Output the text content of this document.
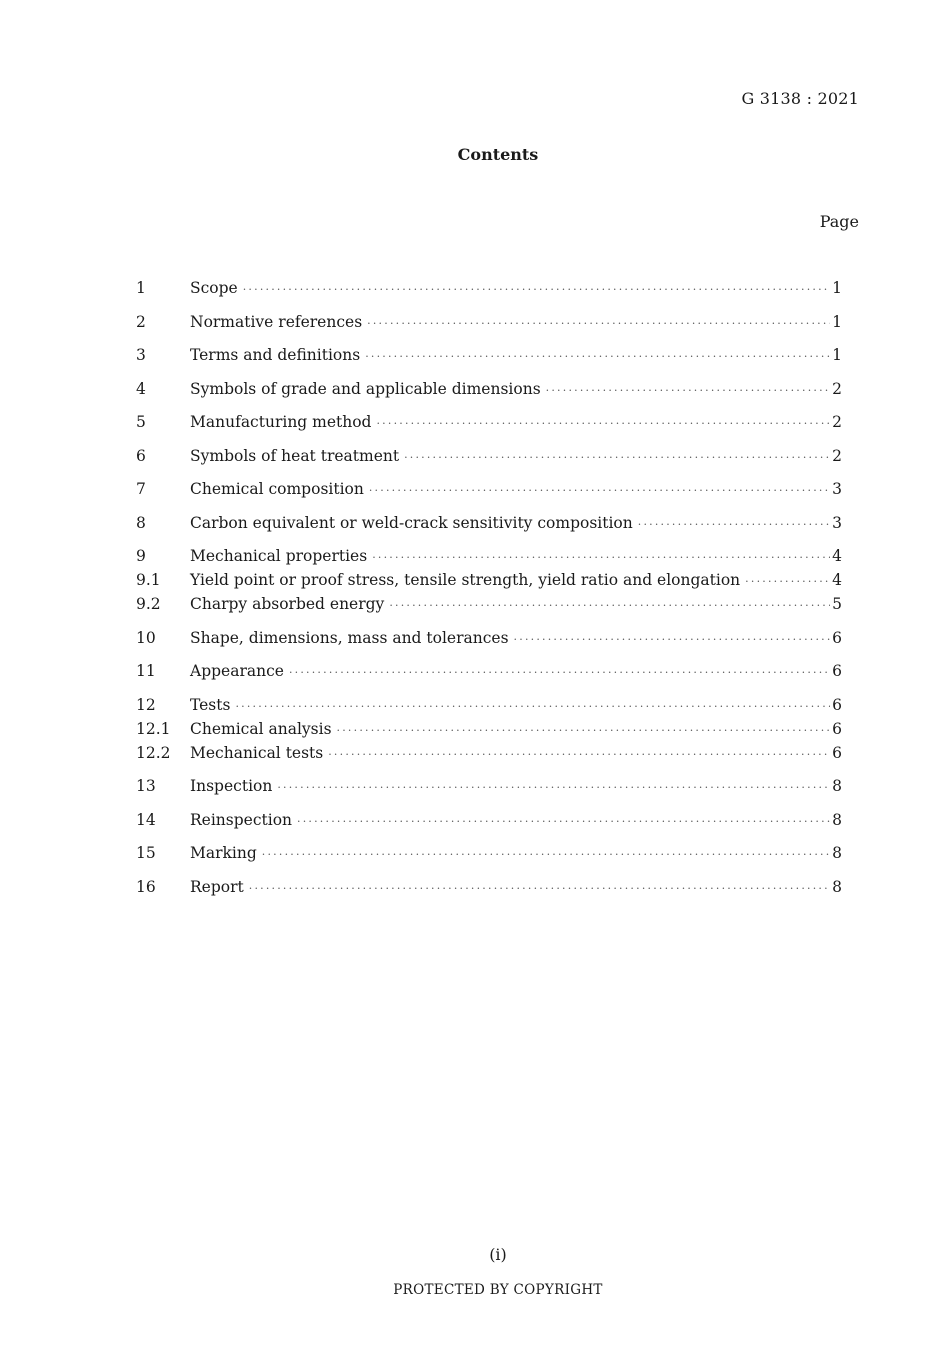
G 3138 : 2021
Contents
Page
1	Scope ·····	1
2	Normative references ·····	1
3	Terms and definitions ·····	1
4	Symbols of grade and applicable dimensions ·····	2
5	Manufacturing method ·····	2
6	Symbols of heat treatment ·····	2
7	Chemical composition ·····	3
8	Carbon equivalent or weld-crack sensitivity composition ·····	3
9	Mechanical properties ·····	4
9.1	Yield point or proof stress, tensile strength, yield ratio and elongation ·····	4
9.2	Charpy absorbed energy ·····	5
10	Shape, dimensions, mass and tolerances ·····	6
11	Appearance ·····	6
12	Tests ·····	6
12.1	Chemical analysis ·····	6
12.2	Mechanical tests ·····	6
13	Inspection ·····	8
14	Reinspection ·····	8
15	Marking ·····	8
16	Report ·····	8
(i)
PROTECTED BY COPYRIGHT
